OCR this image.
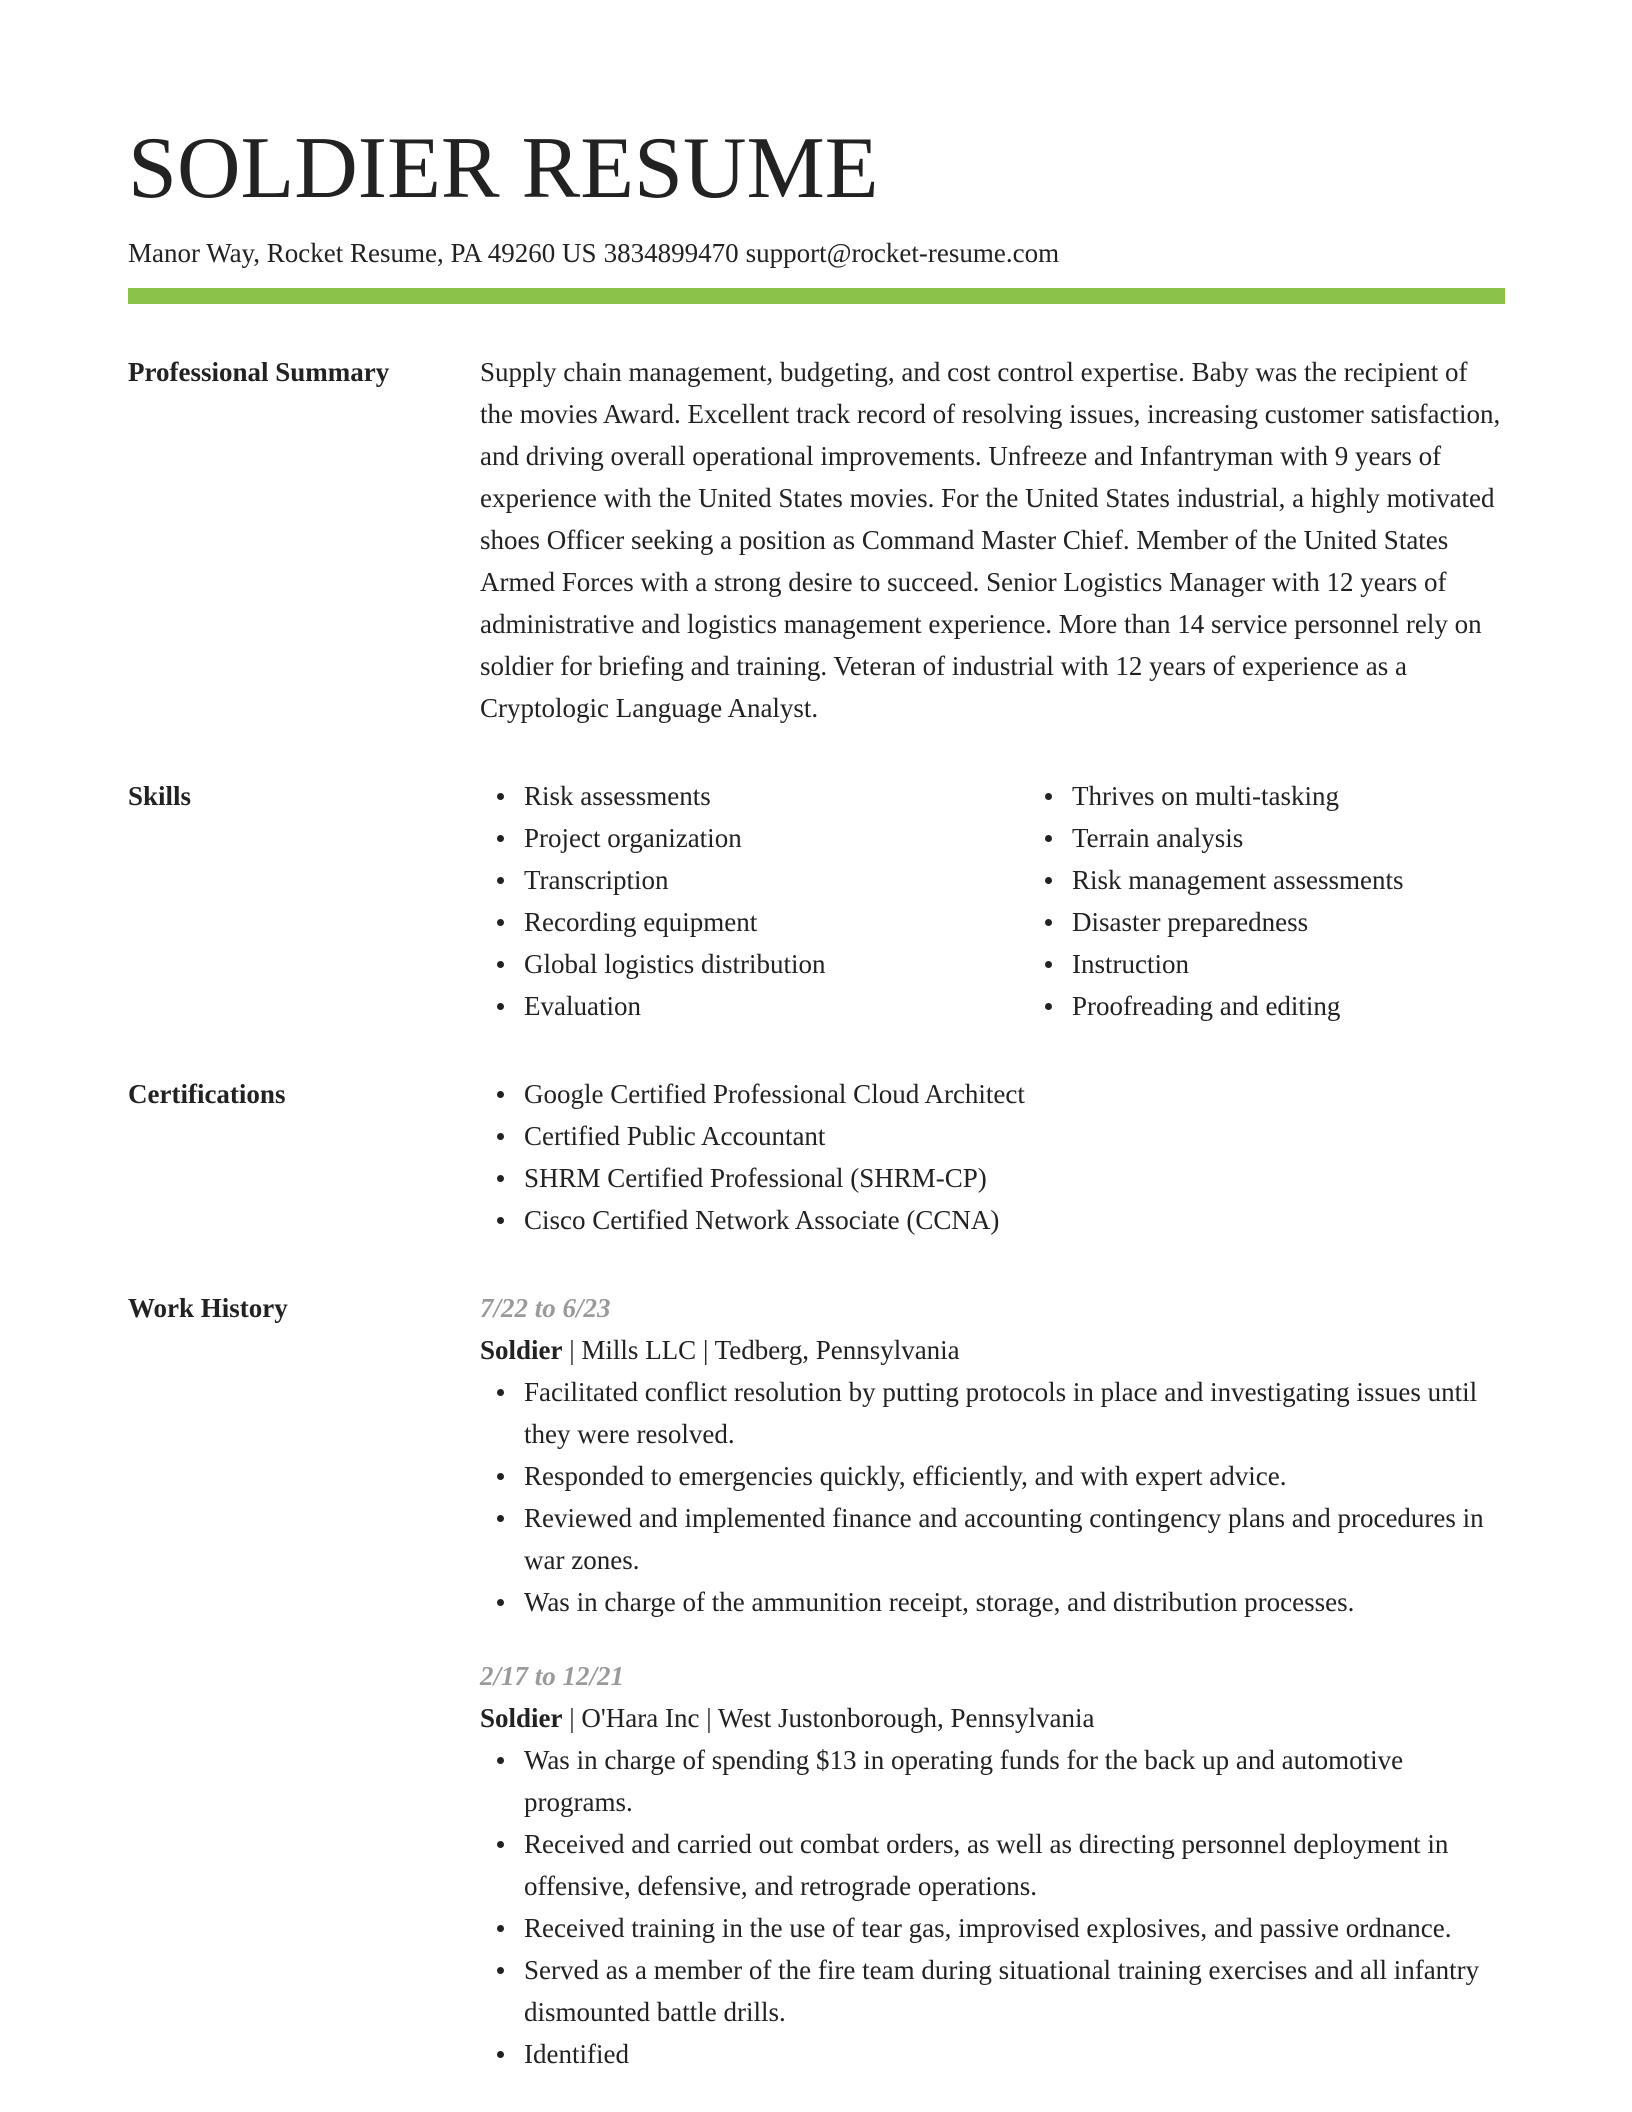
SOLDIER RESUME
Manor Way, Rocket Resume, PA 49260 US 3834899470 support@rocket-resume.com
Professional Summary	Supply chain management, budgeting, and cost control expertise. Baby was the recipient of the movies Award. Excellent track record of resolving issues, increasing customer satisfaction, and driving overall operational improvements. Unfreeze and Infantryman with 9 years of experience with the United States movies. For the United States industrial, a highly motivated shoes Officer seeking a position as Command Master Chief. Member of the United States Armed Forces with a strong desire to succeed. Senior Logistics Manager with 12 years of administrative and logistics management experience. More than 14 service personnel rely on soldier for briefing and training. Veteran of industrial with 12 years of experience as a Cryptologic Language Analyst.

Skills	Risk assessments
Project organization
Transcription
Recording equipment
Global logistics distribution
Evaluation
Thrives on multi-tasking
Terrain analysis
Risk management assessments
Disaster preparedness
Instruction
Proofreading and editing
Certifications	Google Certified Professional Cloud Architect
Certified Public Accountant
SHRM Certified Professional (SHRM-CP)
Cisco Certified Network Associate (CCNA)
Work History	7/22 to 6/23
Soldier | Mills LLC | Tedberg, Pennsylvania
Facilitated conflict resolution by putting protocols in place and investigating issues until they were resolved.
Responded to emergencies quickly, efficiently, and with expert advice.
Reviewed and implemented finance and accounting contingency plans and procedures in war zones.
Was in charge of the ammunition receipt, storage, and distribution processes.
2/17 to 12/21
Soldier | O'Hara Inc | West Justonborough, Pennsylvania
Was in charge of spending $13 in operating funds for the back up and automotive programs.
Received and carried out combat orders, as well as directing personnel deployment in offensive, defensive, and retrograde operations.
Received training in the use of tear gas, improvised explosives, and passive ordnance.
Served as a member of the fire team during situational training exercises and all infantry dismounted battle drills.
Identified
